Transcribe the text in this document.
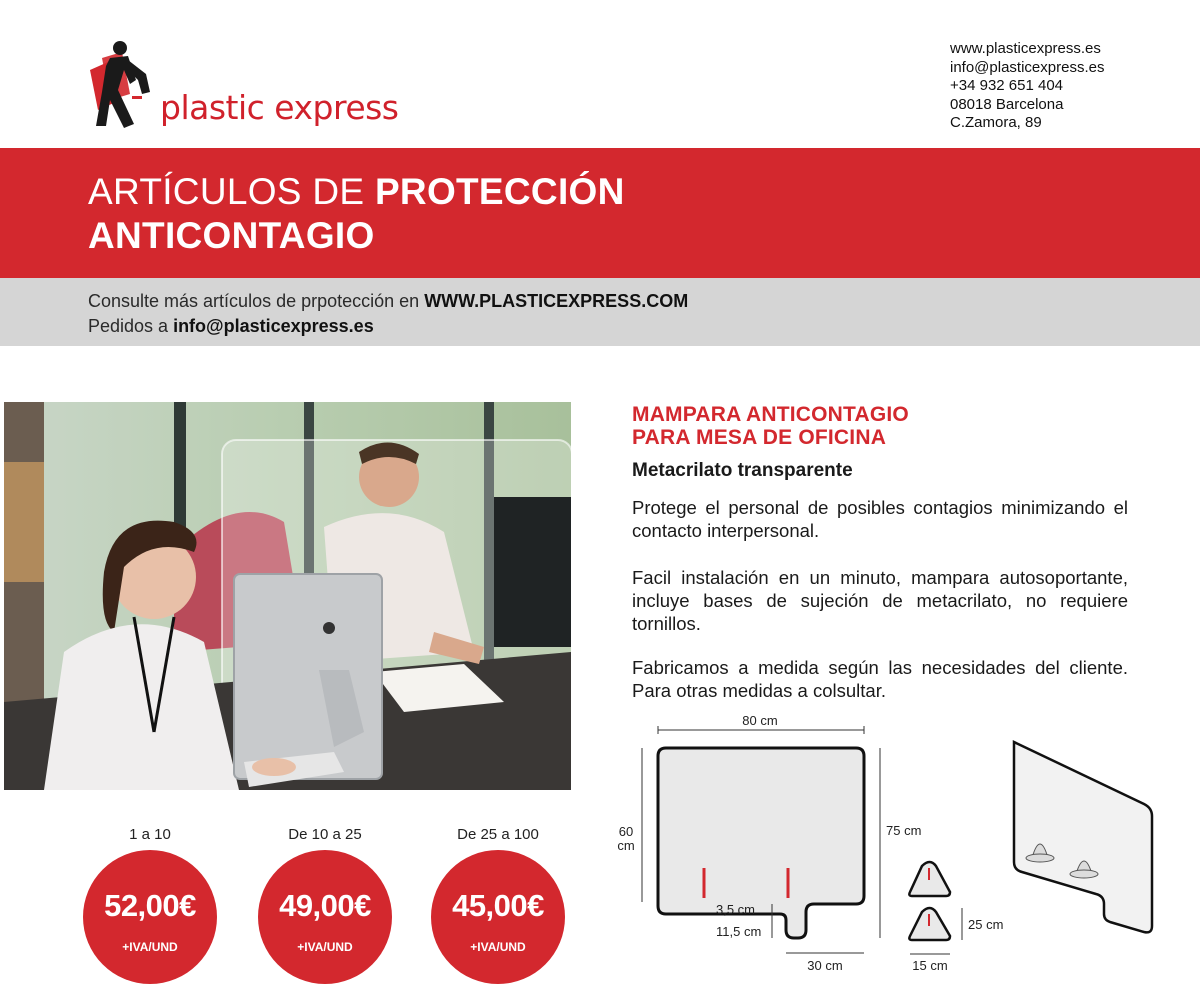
plastic express
www.plasticexpress.es
info@plasticexpress.es
+34 932 651 404
08018 Barcelona
C.Zamora, 89
ARTÍCULOS DE PROTECCIÓN
ANTICONTAGIO
Consulte más artículos de prpotección en WWW.PLASTICEXPRESS.COM
Pedidos a info@plasticexpress.es
1 a 10
52,00€
+IVA/UND
De 10 a 25
49,00€
+IVA/UND
De 25 a 100
45,00€
+IVA/UND
MAMPARA ANTICONTAGIO
PARA MESA DE OFICINA
Metacrilato transparente
Protege el personal de posibles contagios minimizando el contacto interpersonal.
Facil instalación en un minuto, mampara autosoportante, incluye bases de sujeción de metacrilato, no requiere tornillos.
Fabricamos a medida según las necesidades del cliente. Para otras medidas a colsultar.
80 cm
60
cm
75 cm
3,5 cm
11,5 cm
30 cm
25 cm
15 cm
